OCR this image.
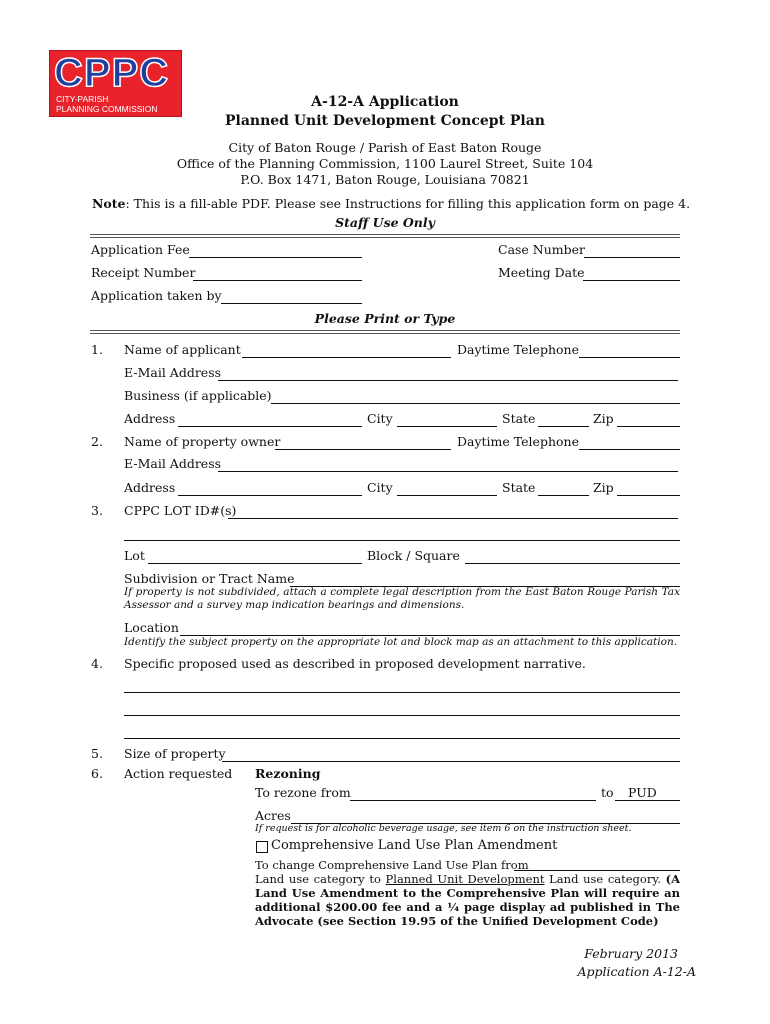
CPPC
CITY-PARISH
PLANNING COMMISSION	A-12-A Application
Planned Unit Development Concept Plan
City of Baton Rouge / Parish of East Baton Rouge
Office of the Planning Commission, 1100 Laurel Street, Suite 104
P.O. Box 1471, Baton Rouge, Louisiana 70821
Note: This is a fill-able PDF. Please see Instructions for filling this application form on page 4.
Staff Use Only
Application Fee	Case Number
Receipt Number	Meeting Date
Application taken by
Please Print or Type
1. Name of applicant	Daytime Telephone
E-Mail Address
Business (if applicable)
Address	City	State	Zip
2. Name of property owner	Daytime Telephone
E-Mail Address
Address	City	State	Zip
3. CPPC LOT ID#(s)
Lot	Block / Square
Subdivision or Tract Name
If property is not subdivided, attach a complete legal description from the East Baton Rouge Parish Tax Assessor and a survey map indication bearings and dimensions.
Location
Identify the subject property on the appropriate lot and block map as an attachment to this application.
4. Specific proposed used as described in proposed development narrative.
5. Size of property
6. Action requested Rezoning
To rezone from	to PUD
Acres
If request is for alcoholic beverage usage, see item 6 on the instruction sheet.
Comprehensive Land Use Plan Amendment
To change Comprehensive Land Use Plan from
Land use category to Planned Unit Development Land use category. (A Land Use Amendment to the Comprehensive Plan will require an additional $200.00 fee and a ¼ page display ad published in The Advocate (see Section 19.95 of the Unified Development Code)
February 2013
Application A-12-A
